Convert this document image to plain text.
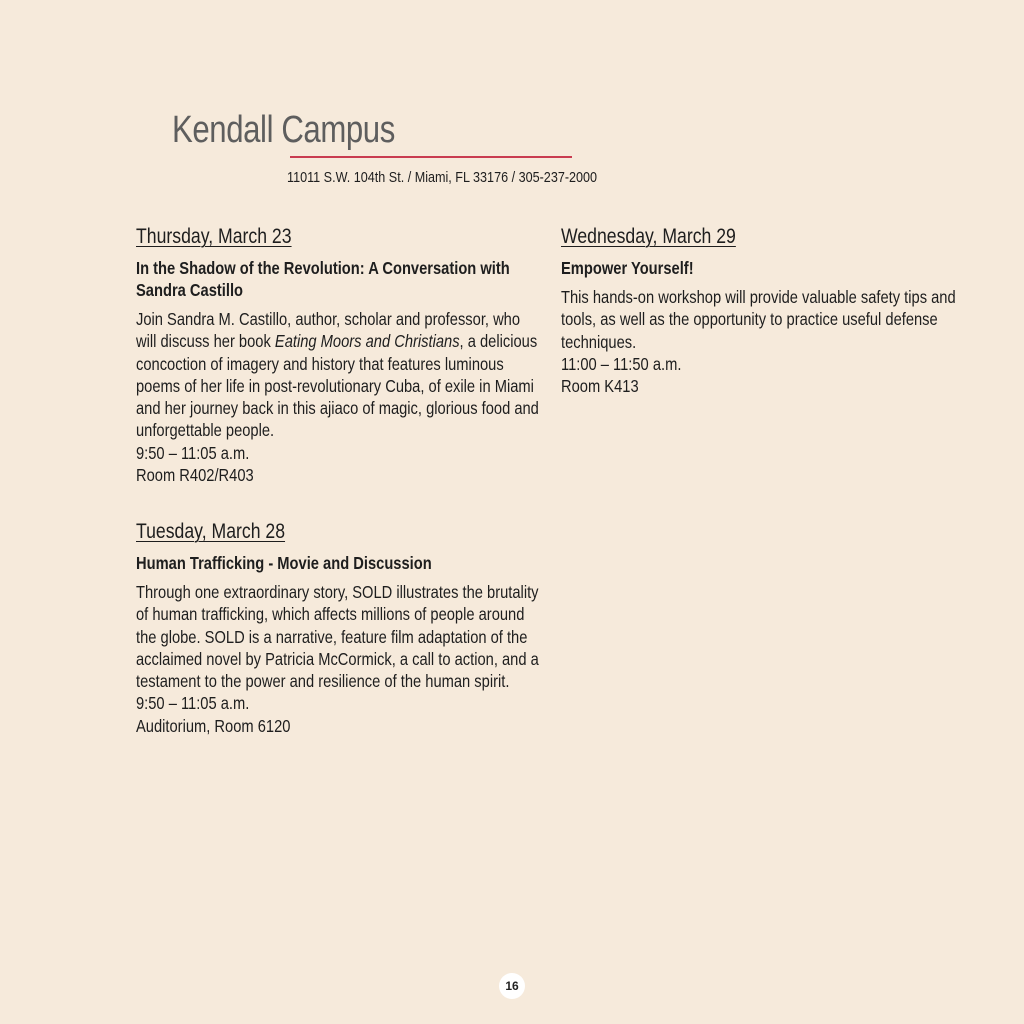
Kendall Campus
11011 S.W. 104th St. / Miami, FL 33176 / 305-237-2000
Thursday, March 23
In the Shadow of the Revolution: A Conversation with Sandra Castillo
Join Sandra M. Castillo, author, scholar and professor, who will discuss her book Eating Moors and Christians, a delicious concoction of imagery and history that features luminous poems of her life in post-revolutionary Cuba, of exile in Miami and her journey back in this ajiaco of magic, glorious food and unforgettable people.
9:50 – 11:05 a.m.
Room R402/R403
Tuesday, March 28
Human Trafficking - Movie and Discussion
Through one extraordinary story, SOLD illustrates the brutality of human trafficking, which affects millions of people around the globe. SOLD is a narrative, feature film adaptation of the acclaimed novel by Patricia McCormick, a call to action, and a testament to the power and resilience of the human spirit.
9:50 – 11:05 a.m.
Auditorium, Room 6120
Wednesday, March 29
Empower Yourself!
This hands-on workshop will provide valuable safety tips and tools, as well as the opportunity to practice useful defense techniques.
11:00 – 11:50 a.m.
Room K413
16
